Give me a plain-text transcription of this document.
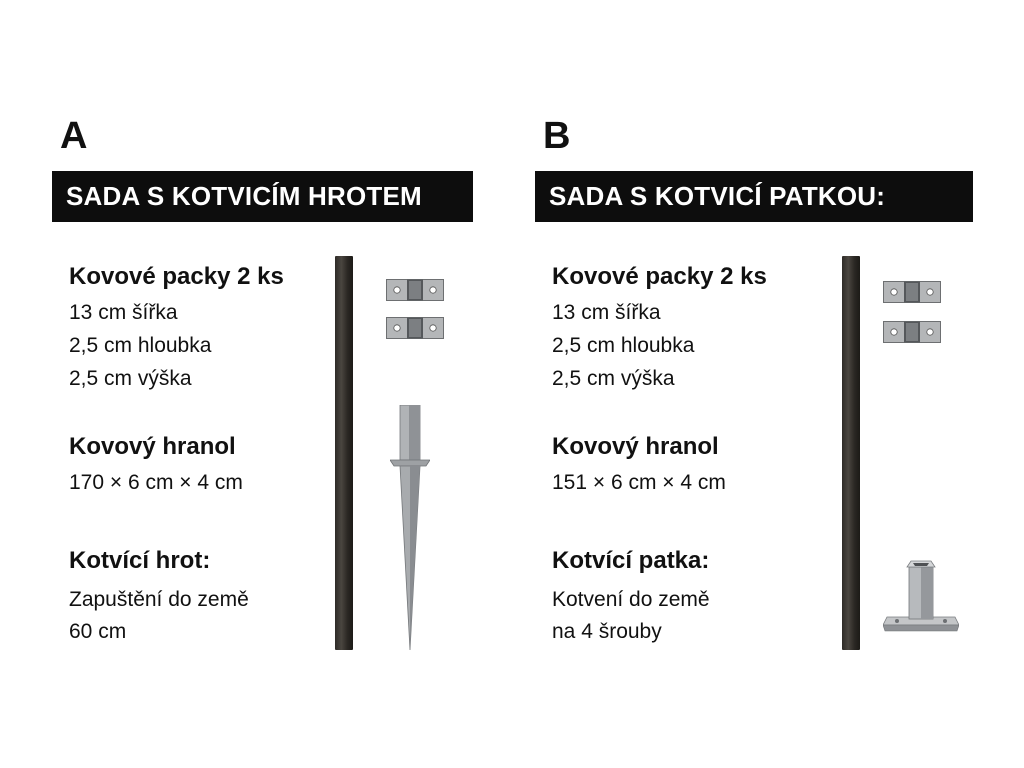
A
SADA S KOTVICÍM HROTEM
Kovové packy 2 ks
13 cm šířka
2,5 cm hloubka
2,5 cm výška
Kovový hranol
170 × 6 cm × 4 cm
Kotvící hrot:
Zapuštění do země
60 cm
B
SADA S KOTVICÍ PATKOU:
Kovové packy 2 ks
13 cm šířka
2,5 cm hloubka
2,5 cm výška
Kovový hranol
151 × 6 cm × 4 cm
Kotvící patka:
Kotvení do země
na 4 šrouby
